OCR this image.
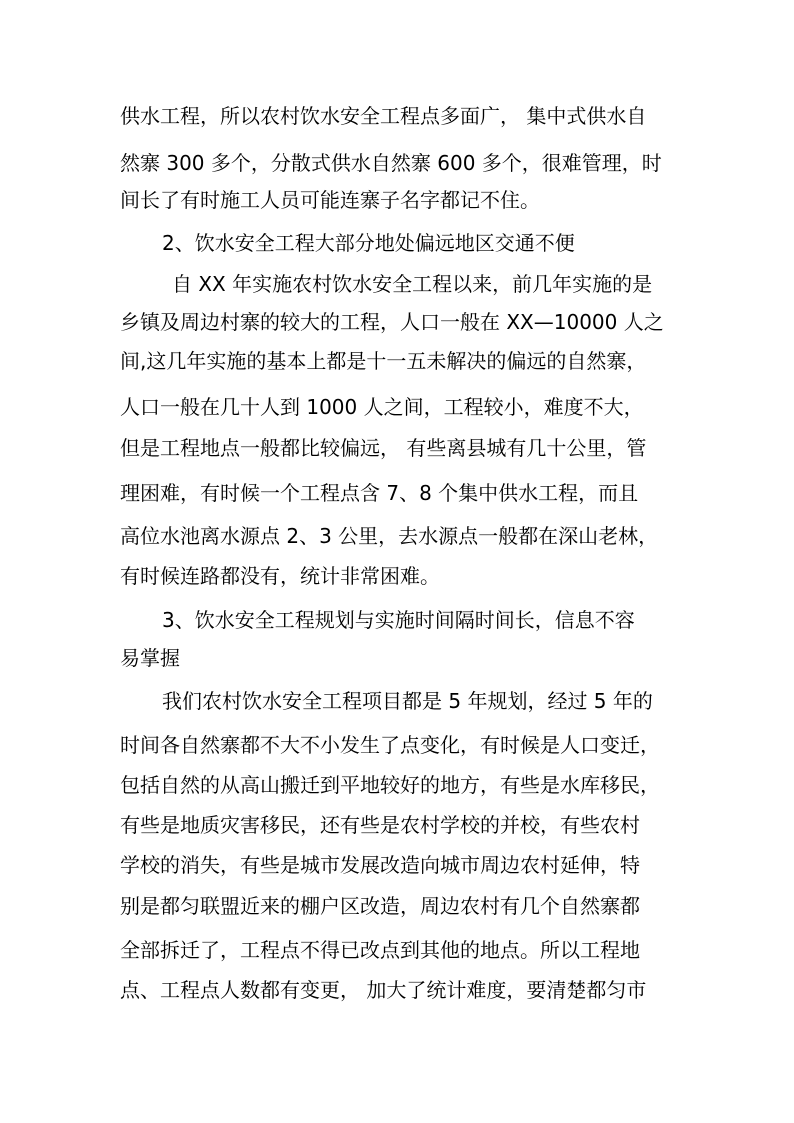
供水工程，所以农村饮水安全工程点多面广， 集中式供水自
然寨 300 多个，分散式供水自然寨 600 多个，很难管理，时
间长了有时施工人员可能连寨子名字都记不住。
2、饮水安全工程大部分地处偏远地区交通不便
自 XX 年实施农村饮水安全工程以来，前几年实施的是
乡镇及周边村寨的较大的工程，人口一般在 XX—10000 人之
间,这几年实施的基本上都是十一五未解决的偏远的自然寨，
人口一般在几十人到 1000 人之间，工程较小，难度不大，
但是工程地点一般都比较偏远， 有些离县城有几十公里，管
理困难，有时候一个工程点含 7、8 个集中供水工程，而且
高位水池离水源点 2、3 公里，去水源点一般都在深山老林，
有时候连路都没有，统计非常困难。
3、饮水安全工程规划与实施时间隔时间长，信息不容
易掌握
我们农村饮水安全工程项目都是 5 年规划，经过 5 年的
时间各自然寨都不大不小发生了点变化，有时候是人口变迁，
包括自然的从高山搬迁到平地较好的地方，有些是水库移民，
有些是地质灾害移民，还有些是农村学校的并校，有些农村
学校的消失，有些是城市发展改造向城市周边农村延伸，特
别是都匀联盟近来的棚户区改造，周边农村有几个自然寨都
全部拆迁了，工程点不得已改点到其他的地点。所以工程地
点、工程点人数都有变更， 加大了统计难度，要清楚都匀市
